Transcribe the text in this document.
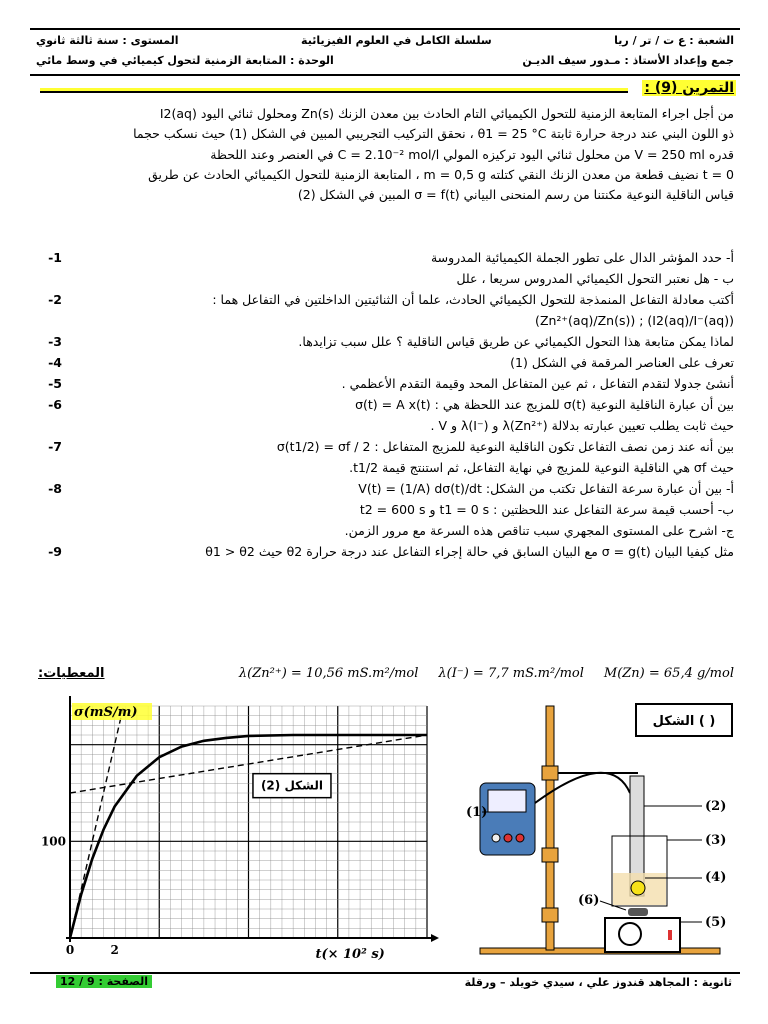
المستوى : سنة ثالثة ثانوي	سلسلة الكامل في العلوم الفيزيائية	الشعبة : ع ت / تر / ريا
الوحدة : المتابعة الزمنية لتحول كيميائي في وسط مائي	جمع وإعداد الأستاذ : مـدور سيف الديـن
التمرين (9) :

من أجل اجراء المتابعة الزمنية للتحول الكيميائي التام الحادث بين معدن الزنك Zn(s) ومحلول ثنائي اليود I2(aq)

ذو اللون البني عند درجة حرارة ثابتة θ1 = 25 °C ، نحقق التركيب التجريبي المبين في الشكل (1) حيث نسكب حجما

قدره V = 250 ml من محلول ثنائي اليود تركيزه المولي C = 2.10⁻² mol/l في العنصر وعند اللحظة

t = 0 نضيف قطعة من معدن الزنك النقي كتلته m = 0,5 g ، المتابعة الزمنية للتحول الكيميائي الحادث عن طريق

قياس الناقلية النوعية مكنتنا من رسم المنحنى البياني σ = f(t) المبين في الشكل (2)

1-	أ- حدد المؤشر الدال على تطور الجملة الكيميائية المدروسة
ب - هل نعتبر التحول الكيميائي المدروس سريعا ، علل
2-	أكتب معادلة التفاعل المنمذجة للتحول الكيميائي الحادث، علما أن الثنائيتين الداخلتين في التفاعل هما :
(I2(aq)/I⁻(aq)) ; (Zn²⁺(aq)/Zn(s))
3-	لماذا يمكن متابعة هذا التحول الكيميائي عن طريق قياس الناقلية ؟ علل سبب تزايدها.
4-	تعرف على العناصر المرقمة في الشكل (1)
5-	أنشئ جدولا لتقدم التفاعل ، ثم عين المتفاعل المحد وقيمة التقدم الأعظمي .
6-	بين أن عبارة الناقلية النوعية σ(t) للمزيج عند اللحظة هي : σ(t) = A x(t)
حيث ثابت يطلب تعيين عبارته بدلالة λ(Zn²⁺) و λ(I⁻) و V .
7-	بين أنه عند زمن نصف التفاعل تكون الناقلية النوعية للمزيج المتفاعل : σ(t1/2) = σf / 2
حيث σf هي الناقلية النوعية للمزيج في نهاية التفاعل، ثم استنتج قيمة t1/2.
8-	أ- بين أن عبارة سرعة التفاعل تكتب من الشكل: V(t) = (1/A) dσ(t)/dt
ب- أحسب قيمة سرعة التفاعل عند اللحظتين : t1 = 0 s و t2 = 600 s
ج- اشرح على المستوى المجهري سبب تناقص هذه السرعة مع مرور الزمن.
9-	مثل كيفيا البيان σ = g(t) مع البيان السابق في حالة إجراء التفاعل عند درجة حرارة θ2 حيث θ1 > θ2
المعطيات:	M(Zn) = 65,4 g/mol
λ(I⁻) = 7,7 mS.m²/mol
λ(Zn²⁺) = 10,56 mS.m²/mol
σ(mS/m)
t(× 10² s)
0	2
100
الشكل (2)
الشكل ( )
(1)	(2)
(3)
(4)
(5)
(6)
ثانوية : المجاهد قندوز علي ، سيدي خويلد – ورقلة
الصفحة : 9 / 12
